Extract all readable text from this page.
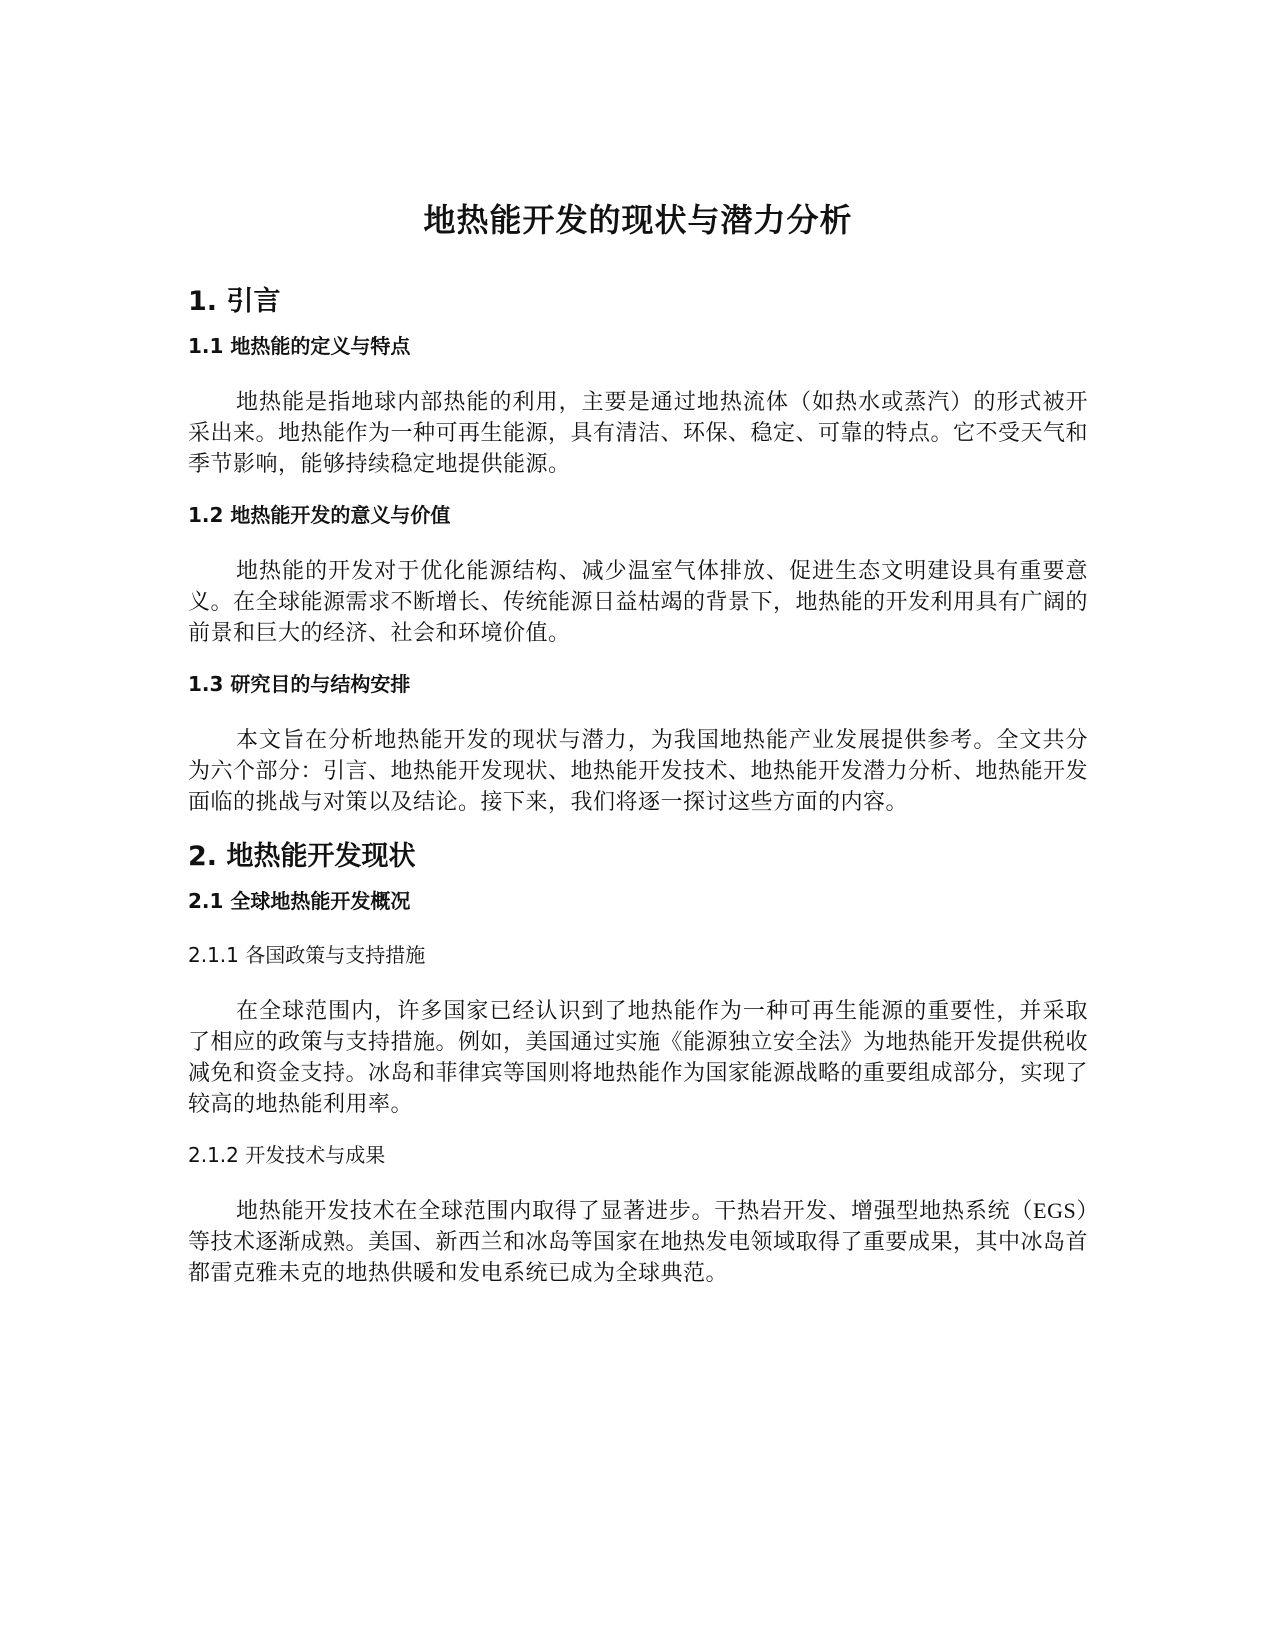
地热能开发的现状与潜力分析
1. 引言
1.1 地热能的定义与特点

地热能是指地球内部热能的利用，主要是通过地热流体（如热水或蒸汽）的形式被开采出来。地热能作为一种可再生能源，具有清洁、环保、稳定、可靠的特点。它不受天气和季节影响，能够持续稳定地提供能源。

1.2 地热能开发的意义与价值

地热能的开发对于优化能源结构、减少温室气体排放、促进生态文明建设具有重要意义。在全球能源需求不断增长、传统能源日益枯竭的背景下，地热能的开发利用具有广阔的前景和巨大的经济、社会和环境价值。

1.3 研究目的与结构安排

本文旨在分析地热能开发的现状与潜力，为我国地热能产业发展提供参考。全文共分为六个部分：引言、地热能开发现状、地热能开发技术、地热能开发潜力分析、地热能开发面临的挑战与对策以及结论。接下来，我们将逐一探讨这些方面的内容。

2. 地热能开发现状
2.1 全球地热能开发概况
2.1.1 各国政策与支持措施

在全球范围内，许多国家已经认识到了地热能作为一种可再生能源的重要性，并采取了相应的政策与支持措施。例如，美国通过实施《能源独立安全法》为地热能开发提供税收减免和资金支持。冰岛和菲律宾等国则将地热能作为国家能源战略的重要组成部分，实现了较高的地热能利用率。

2.1.2 开发技术与成果

地热能开发技术在全球范围内取得了显著进步。干热岩开发、增强型地热系统（EGS）等技术逐渐成熟。美国、新西兰和冰岛等国家在地热发电领域取得了重要成果，其中冰岛首都雷克雅未克的地热供暖和发电系统已成为全球典范。
